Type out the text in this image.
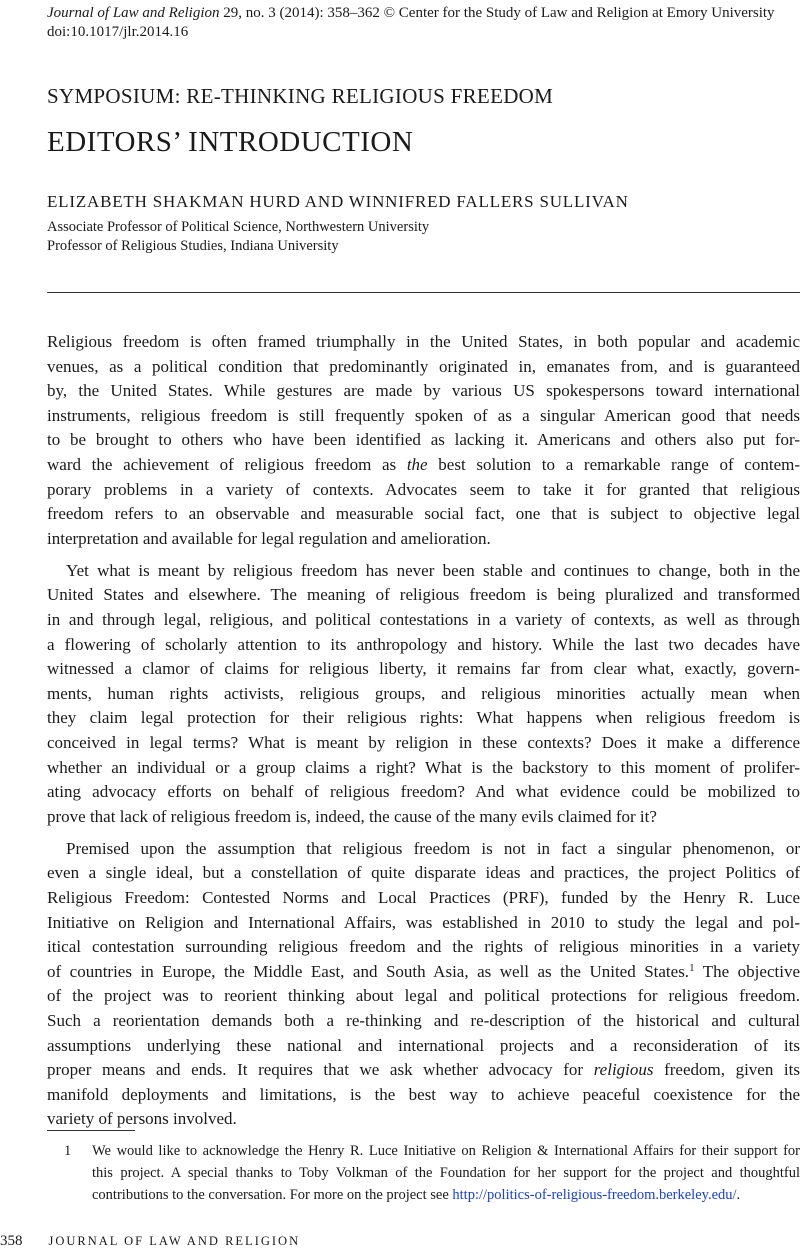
Journal of Law and Religion 29, no. 3 (2014): 358–362 © Center for the Study of Law and Religion at Emory University
doi:10.1017/jlr.2014.16
SYMPOSIUM: RE-THINKING RELIGIOUS FREEDOM
EDITORS’ INTRODUCTION
ELIZABETH SHAKMAN HURD AND WINNIFRED FALLERS SULLIVAN
Associate Professor of Political Science, Northwestern University
Professor of Religious Studies, Indiana University
Religious freedom is often framed triumphally in the United States, in both popular and academic
venues, as a political condition that predominantly originated in, emanates from, and is guaranteed
by, the United States. While gestures are made by various US spokespersons toward international
instruments, religious freedom is still frequently spoken of as a singular American good that needs
to be brought to others who have been identified as lacking it. Americans and others also put for-
ward the achievement of religious freedom as the best solution to a remarkable range of contem-
porary problems in a variety of contexts. Advocates seem to take it for granted that religious
freedom refers to an observable and measurable social fact, one that is subject to objective legal
interpretation and available for legal regulation and amelioration.
Yet what is meant by religious freedom has never been stable and continues to change, both in the
United States and elsewhere. The meaning of religious freedom is being pluralized and transformed
in and through legal, religious, and political contestations in a variety of contexts, as well as through
a flowering of scholarly attention to its anthropology and history. While the last two decades have
witnessed a clamor of claims for religious liberty, it remains far from clear what, exactly, govern-
ments, human rights activists, religious groups, and religious minorities actually mean when
they claim legal protection for their religious rights: What happens when religious freedom is
conceived in legal terms? What is meant by religion in these contexts? Does it make a difference
whether an individual or a group claims a right? What is the backstory to this moment of prolifer-
ating advocacy efforts on behalf of religious freedom? And what evidence could be mobilized to
prove that lack of religious freedom is, indeed, the cause of the many evils claimed for it?
Premised upon the assumption that religious freedom is not in fact a singular phenomenon, or
even a single ideal, but a constellation of quite disparate ideas and practices, the project Politics of
Religious Freedom: Contested Norms and Local Practices (PRF), funded by the Henry R. Luce
Initiative on Religion and International Affairs, was established in 2010 to study the legal and pol-
itical contestation surrounding religious freedom and the rights of religious minorities in a variety
of countries in Europe, the Middle East, and South Asia, as well as the United States.$^1$ The objective
of the project was to reorient thinking about legal and political protections for religious freedom.
Such a reorientation demands both a re-thinking and re-description of the historical and cultural
assumptions underlying these national and international projects and a reconsideration of its
proper means and ends. It requires that we ask whether advocacy for religious freedom, given its
manifold deployments and limitations, is the best way to achieve peaceful coexistence for the
variety of persons involved.
1 We would like to acknowledge the Henry R. Luce Initiative on Religion & International Affairs for their support for
this project. A special thanks to Toby Volkman of the Foundation for her support for the project and thoughtful
contributions to the conversation. For more on the project see http://politics-of-religious-freedom.berkeley.edu/.
358 JOURNAL OF LAW AND RELIGION
